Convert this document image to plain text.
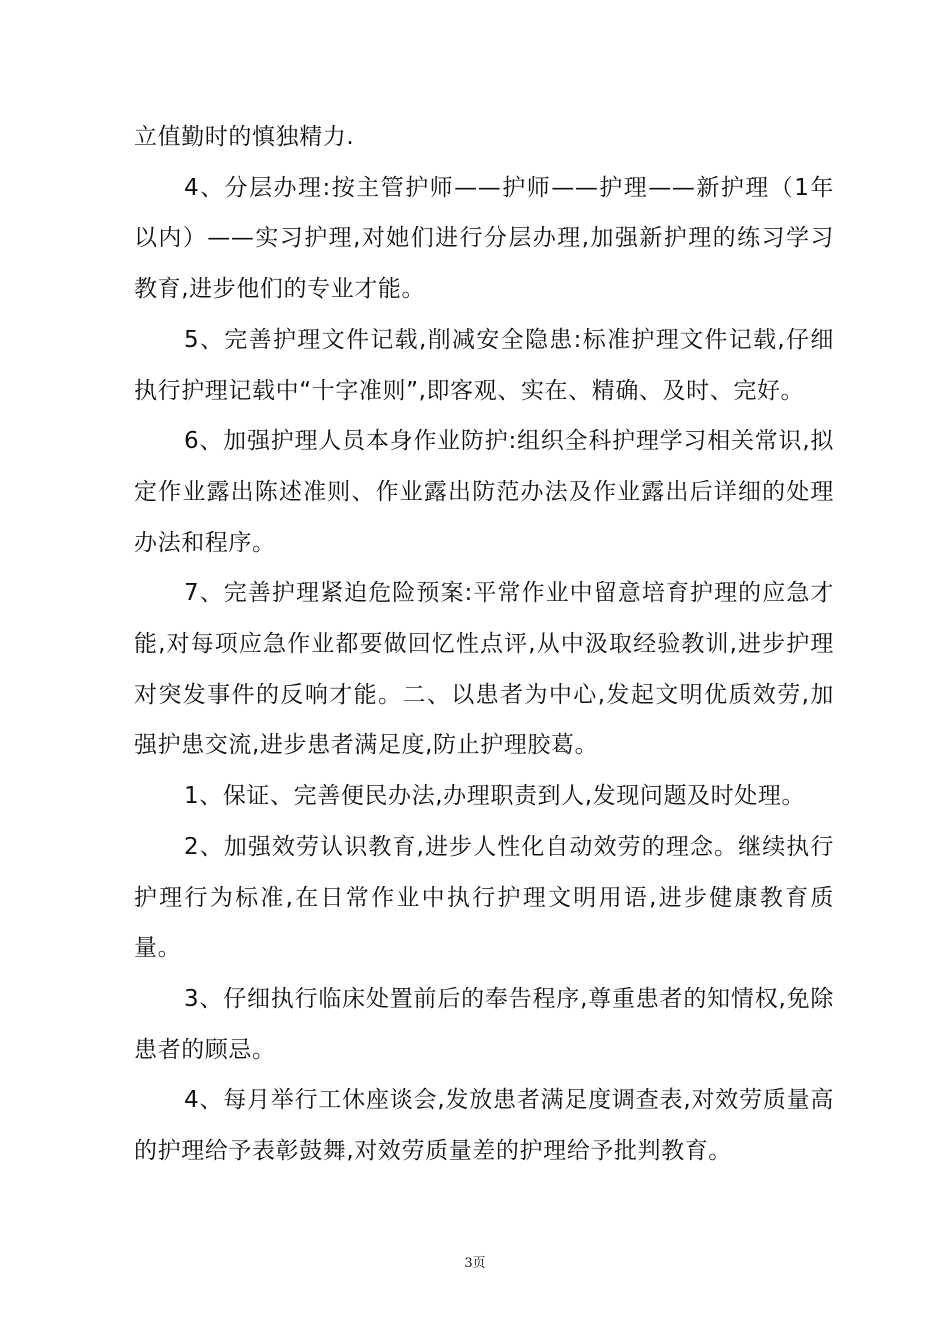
立值勤时的慎独精力.

4、分层办理:按主管护师——护师——护理——新护理（1年以内）——实习护理,对她们进行分层办理,加强新护理的练习学习教育,进步他们的专业才能。

5、完善护理文件记载,削减安全隐患:标准护理文件记载,仔细执行护理记载中“十字准则”,即客观、实在、精确、及时、完好。

6、加强护理人员本身作业防护:组织全科护理学习相关常识,拟定作业露出陈述准则、作业露出防范办法及作业露出后详细的处理办法和程序。

7、完善护理紧迫危险预案:平常作业中留意培育护理的应急才能,对每项应急作业都要做回忆性点评,从中汲取经验教训,进步护理对突发事件的反响才能。二、以患者为中心,发起文明优质效劳,加强护患交流,进步患者满足度,防止护理胶葛。

1、保证、完善便民办法,办理职责到人,发现问题及时处理。

2、加强效劳认识教育,进步人性化自动效劳的理念。继续执行护理行为标准,在日常作业中执行护理文明用语,进步健康教育质量。

3、仔细执行临床处置前后的奉告程序,尊重患者的知情权,免除患者的顾忌。

4、每月举行工休座谈会,发放患者满足度调查表,对效劳质量高的护理给予表彰鼓舞,对效劳质量差的护理给予批判教育。

3页
